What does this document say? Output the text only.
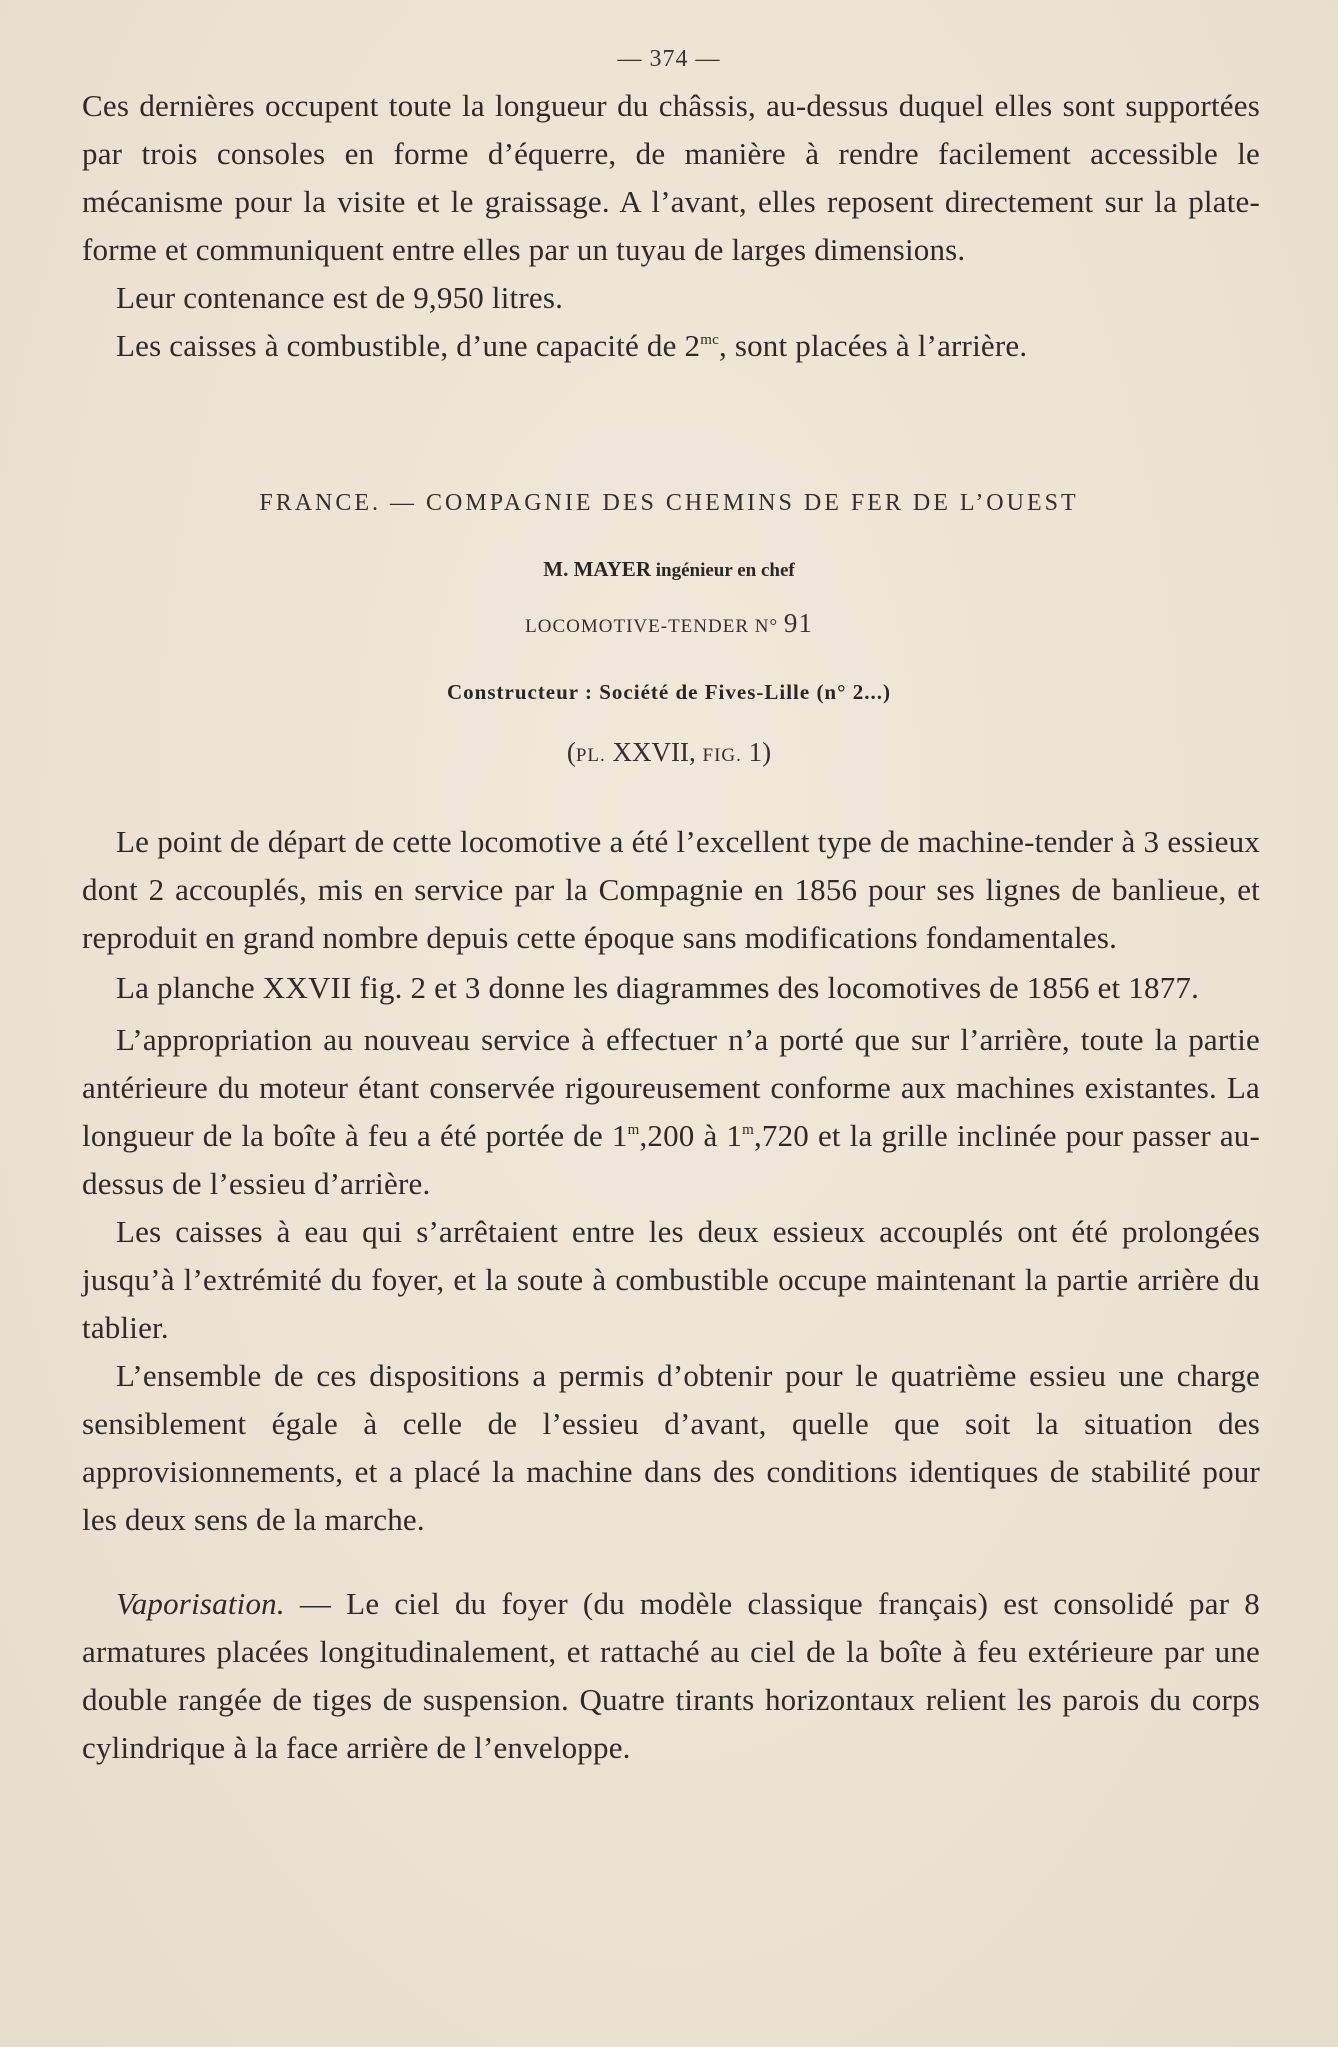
— 374 —

Ces dernières occupent toute la longueur du châssis, au-dessus duquel elles sont supportées par trois consoles en forme d’équerre, de manière à rendre facilement accessible le mécanisme pour la visite et le graissage. A l’avant, elles reposent directement sur la plate-forme et communiquent entre elles par un tuyau de larges dimensions.

Leur contenance est de 9,950 litres.

Les caisses à combustible, d’une capacité de $2^{mc}$, sont placées à l’arrière.

FRANCE. — COMPAGNIE DES CHEMINS DE FER DE L’OUEST
M. MAYER ingénieur en chef
LOCOMOTIVE-TENDER N° 91
Constructeur : Société de Fives-Lille (n° 2...)
(PL. XXVII, FIG. 1)

Le point de départ de cette locomotive a été l’excellent type de machine-tender à 3 essieux dont 2 accouplés, mis en service par la Compagnie en 1856 pour ses lignes de banlieue, et reproduit en grand nombre depuis cette époque sans modifications fondamentales.

La planche XXVII fig. 2 et 3 donne les diagrammes des locomotives de 1856 et 1877.

L’appropriation au nouveau service à effectuer n’a porté que sur l’arrière, toute la partie antérieure du moteur étant conservée rigoureusement conforme aux machines existantes. La longueur de la boîte à feu a été portée de 1$^m$,200 à 1$^m$,720 et la grille inclinée pour passer au-dessus de l’essieu d’arrière.

Les caisses à eau qui s’arrêtaient entre les deux essieux accouplés ont été prolongées jusqu’à l’extrémité du foyer, et la soute à combustible occupe maintenant la partie arrière du tablier.

L’ensemble de ces dispositions a permis d’obtenir pour le quatrième essieu une charge sensiblement égale à celle de l’essieu d’avant, quelle que soit la situation des approvisionnements, et a placé la machine dans des conditions identiques de stabilité pour les deux sens de la marche.

Vaporisation. — Le ciel du foyer (du modèle classique français) est consolidé par 8 armatures placées longitudinalement, et rattaché au ciel de la boîte à feu extérieure par une double rangée de tiges de suspension. Quatre tirants horizontaux relient les parois du corps cylindrique à la face arrière de l’enveloppe.
